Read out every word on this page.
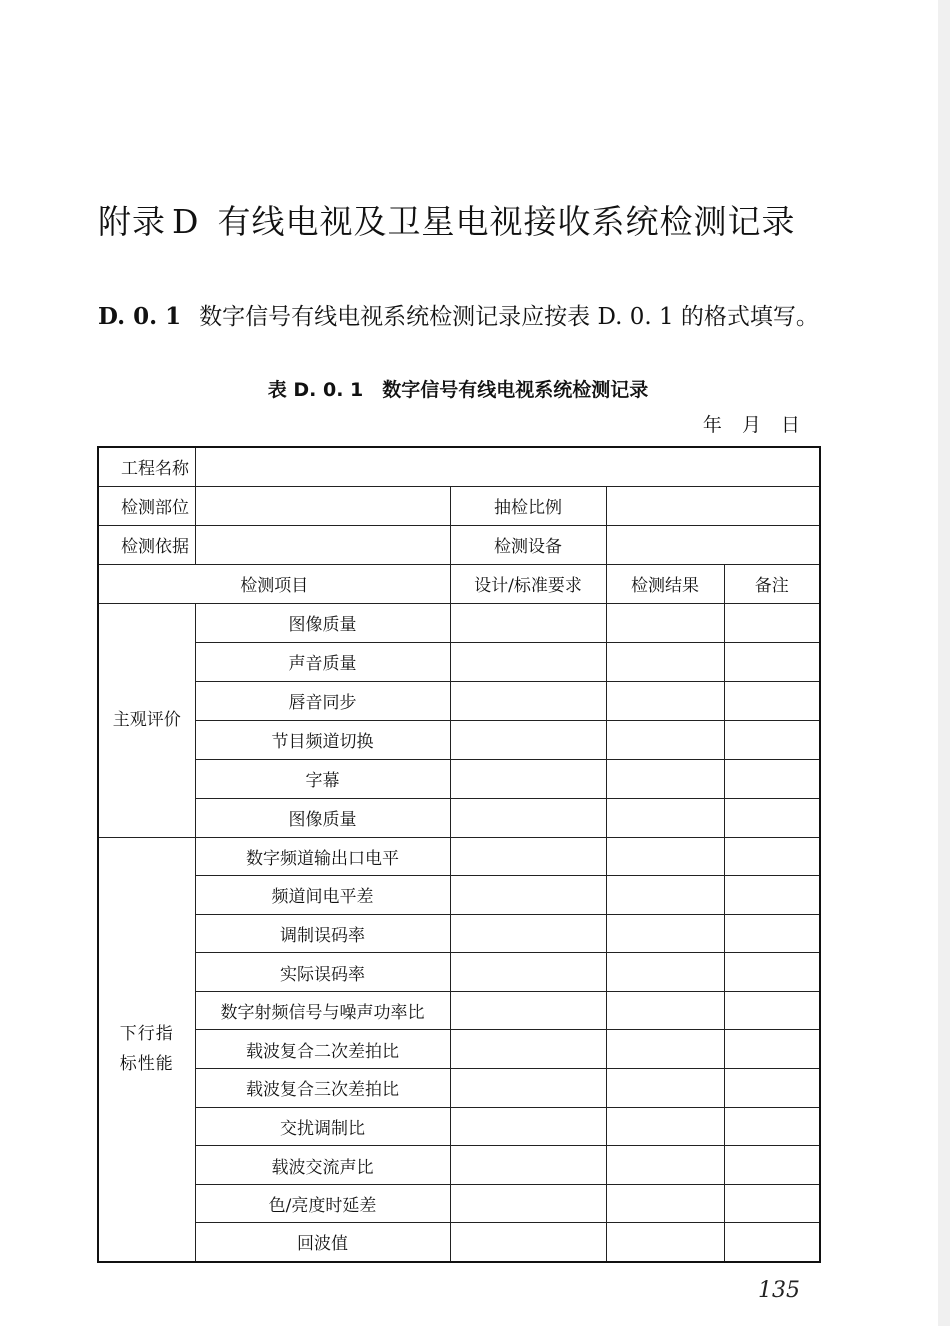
附录 D 有线电视及卫星电视接收系统检测记录
D. 0. 1 数字信号有线电视系统检测记录应按表 D. 0. 1 的格式填写。
表 D. 0. 1　数字信号有线电视系统检测记录
年 月 日
工程名称				
检测部位		抽检比例		
检测依据		检测设备		
检测项目		设计/标准要求	检测结果	备注
主观评价	图像质量			
	声音质量			
	唇音同步			
	节目频道切换			
	字幕			
	图像质量			
下行指标性能	数字频道输出口电平			
	频道间电平差			
	调制误码率			
	实际误码率			
	数字射频信号与噪声功率比			
	载波复合二次差拍比			
	载波复合三次差拍比			
	交扰调制比			
	载波交流声比			
	色/亮度时延差			
	回波值			
135
